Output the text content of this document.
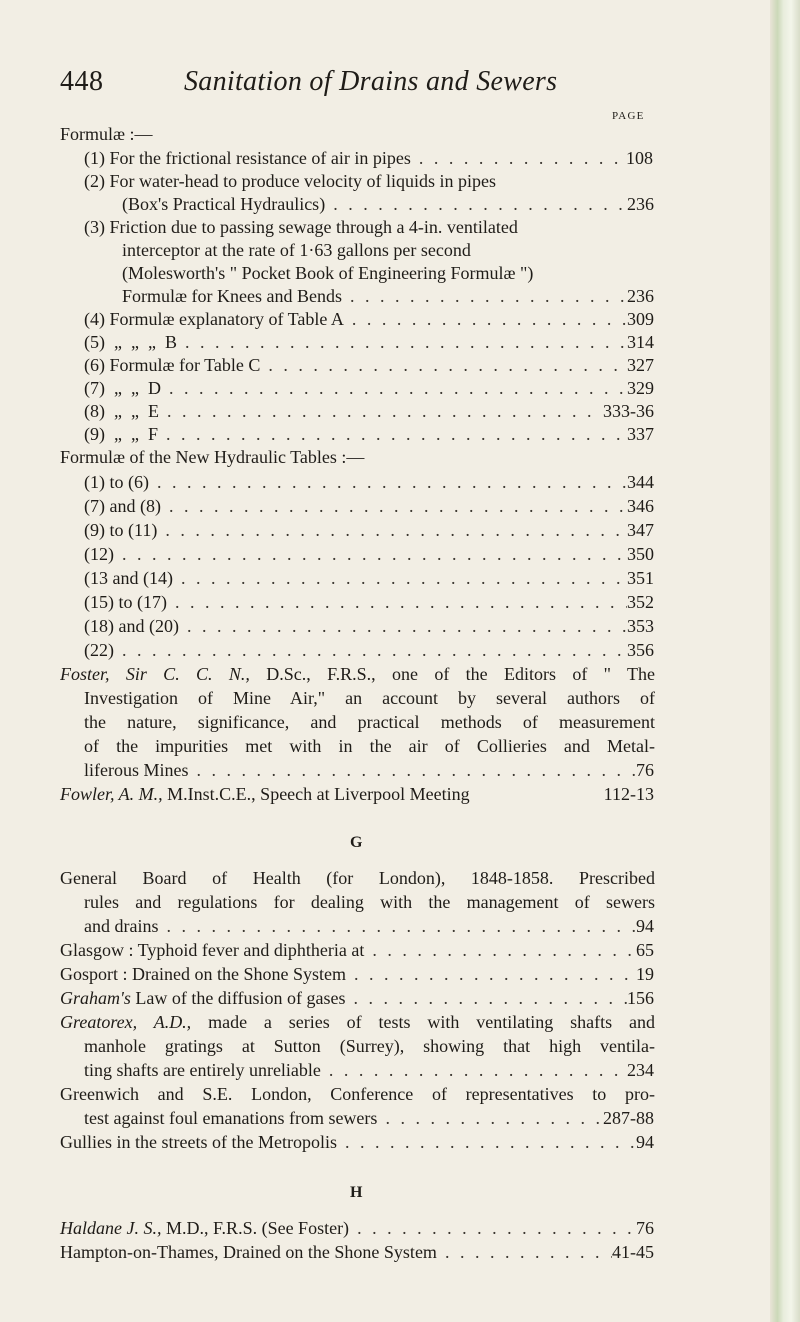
448	Sanitation of Drains and Sewers
PAGE
Formulæ :—
(1) For the frictional resistance of air in pipes . . .	108
(2) For water-head to produce velocity of liquids in pipes
(Box's Practical Hydraulics) . . .	236
(3) Friction due to passing sewage through a 4-in. ventilated
interceptor at the rate of 1·63 gallons per second
(Molesworth's " Pocket Book of Engineering Formulæ ")
Formulæ for Knees and Bends . . .	236
(4) Formulæ explanatory of Table A . . .	309
(5)  „  „  „  B . . .	314
(6) Formulæ for Table C . . .	327
(7)  „  „  D . . .	329
(8)  „  „  E . . .	333-36
(9)  „  „  F . . .	337
Formulæ of the New Hydraulic Tables :—
(1) to (6) . . .	344
(7) and (8) . . .	346
(9) to (11) . . .	347
(12) . . .	350
(13 and (14) . . .	351
(15) to (17) . . .	352
(18) and (20) . . .	353
(22) . . .	356
Foster, Sir C. C. N., D.Sc., F.R.S., one of the Editors of " The
Investigation of Mine Air," an account by several authors of
the nature, significance, and practical methods of measurement
of the impurities met with in the air of Collieries and Metal-
liferous Mines . . .	76
Fowler, A. M., M.Inst.C.E., Speech at Liverpool Meeting	112-13
G
General Board of Health (for London), 1848-1858. Prescribed
rules and regulations for dealing with the management of sewers
and drains . . .	94
Glasgow : Typhoid fever and diphtheria at . . .	65
Gosport : Drained on the Shone System . . .	19
Graham's Law of the diffusion of gases . . .	156
Greatorex, A.D., made a series of tests with ventilating shafts and
manhole gratings at Sutton (Surrey), showing that high ventila-
ting shafts are entirely unreliable . . .	234
Greenwich and S.E. London, Conference of representatives to pro-
test against foul emanations from sewers . . .	287-88
Gullies in the streets of the Metropolis . . .	94
H
Haldane J. S., M.D., F.R.S. (See Foster) . . .	76
Hampton-on-Thames, Drained on the Shone System . . .	41-45
